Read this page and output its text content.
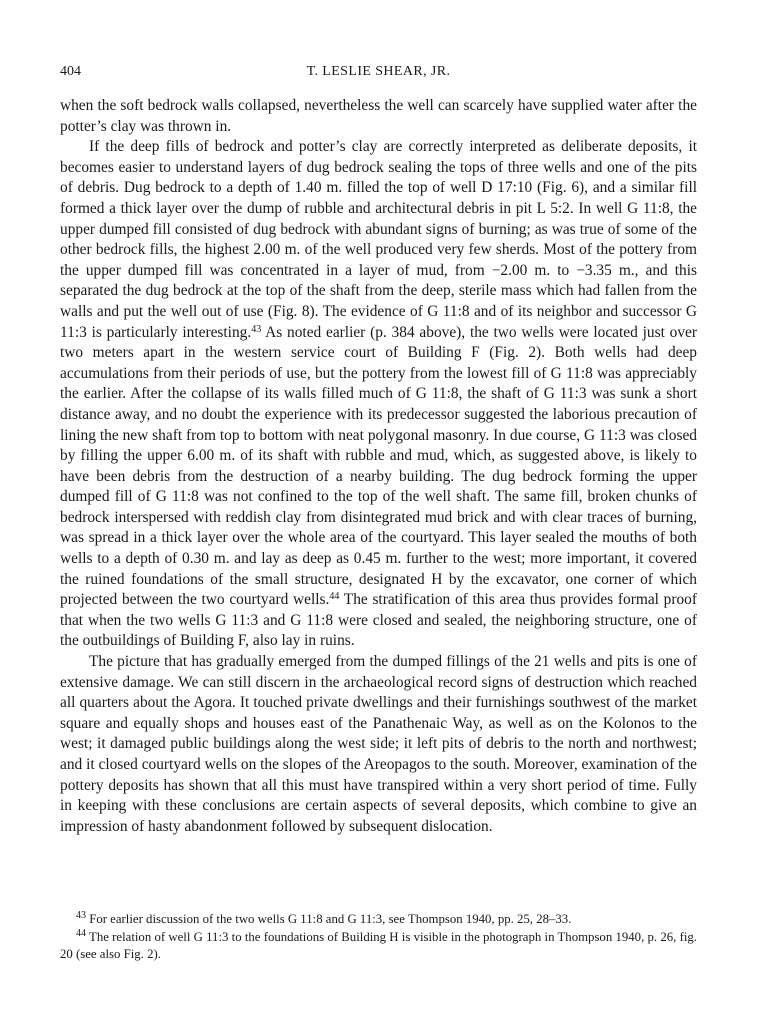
404	T. LESLIE SHEAR, JR.

when the soft bedrock walls collapsed, nevertheless the well can scarcely have supplied water after the potter’s clay was thrown in.

If the deep fills of bedrock and potter’s clay are correctly interpreted as deliberate deposits, it becomes easier to understand layers of dug bedrock sealing the tops of three wells and one of the pits of debris. Dug bedrock to a depth of 1.40 m. filled the top of well D 17:10 (Fig. 6), and a similar fill formed a thick layer over the dump of rubble and architectural debris in pit L 5:2. In well G 11:8, the upper dumped fill consisted of dug bedrock with abundant signs of burning; as was true of some of the other bedrock fills, the highest 2.00 m. of the well produced very few sherds. Most of the pottery from the upper dumped fill was concentrated in a layer of mud, from −2.00 m. to −3.35 m., and this separated the dug bedrock at the top of the shaft from the deep, sterile mass which had fallen from the walls and put the well out of use (Fig. 8). The evidence of G 11:8 and of its neighbor and successor G 11:3 is particularly interesting.$^{43}$ As noted earlier (p. 384 above), the two wells were located just over two meters apart in the western service court of Building F (Fig. 2). Both wells had deep accumulations from their periods of use, but the pottery from the lowest fill of G 11:8 was appreciably the earlier. After the collapse of its walls filled much of G 11:8, the shaft of G 11:3 was sunk a short distance away, and no doubt the experience with its predecessor suggested the laborious precaution of lining the new shaft from top to bottom with neat polygonal masonry. In due course, G 11:3 was closed by filling the upper 6.00 m. of its shaft with rubble and mud, which, as suggested above, is likely to have been debris from the destruction of a nearby building. The dug bedrock forming the upper dumped fill of G 11:8 was not confined to the top of the well shaft. The same fill, broken chunks of bedrock interspersed with reddish clay from disintegrated mud brick and with clear traces of burning, was spread in a thick layer over the whole area of the courtyard. This layer sealed the mouths of both wells to a depth of 0.30 m. and lay as deep as 0.45 m. further to the west; more important, it covered the ruined foundations of the small structure, designated H by the excavator, one corner of which projected between the two courtyard wells.$^{44}$ The stratification of this area thus provides formal proof that when the two wells G 11:3 and G 11:8 were closed and sealed, the neighboring structure, one of the outbuildings of Building F, also lay in ruins.

The picture that has gradually emerged from the dumped fillings of the 21 wells and pits is one of extensive damage. We can still discern in the archaeological record signs of destruction which reached all quarters about the Agora. It touched private dwellings and their furnishings southwest of the market square and equally shops and houses east of the Panathenaic Way, as well as on the Kolonos to the west; it damaged public buildings along the west side; it left pits of debris to the north and northwest; and it closed courtyard wells on the slopes of the Areopagos to the south. Moreover, examination of the pottery deposits has shown that all this must have transpired within a very short period of time. Fully in keeping with these conclusions are certain aspects of several deposits, which combine to give an impression of hasty abandonment followed by subsequent dislocation.

$^{43}$ For earlier discussion of the two wells G 11:8 and G 11:3, see Thompson 1940, pp. 25, 28–33.

$^{44}$ The relation of well G 11:3 to the foundations of Building H is visible in the photograph in Thompson 1940, p. 26, fig. 20 (see also Fig. 2).
